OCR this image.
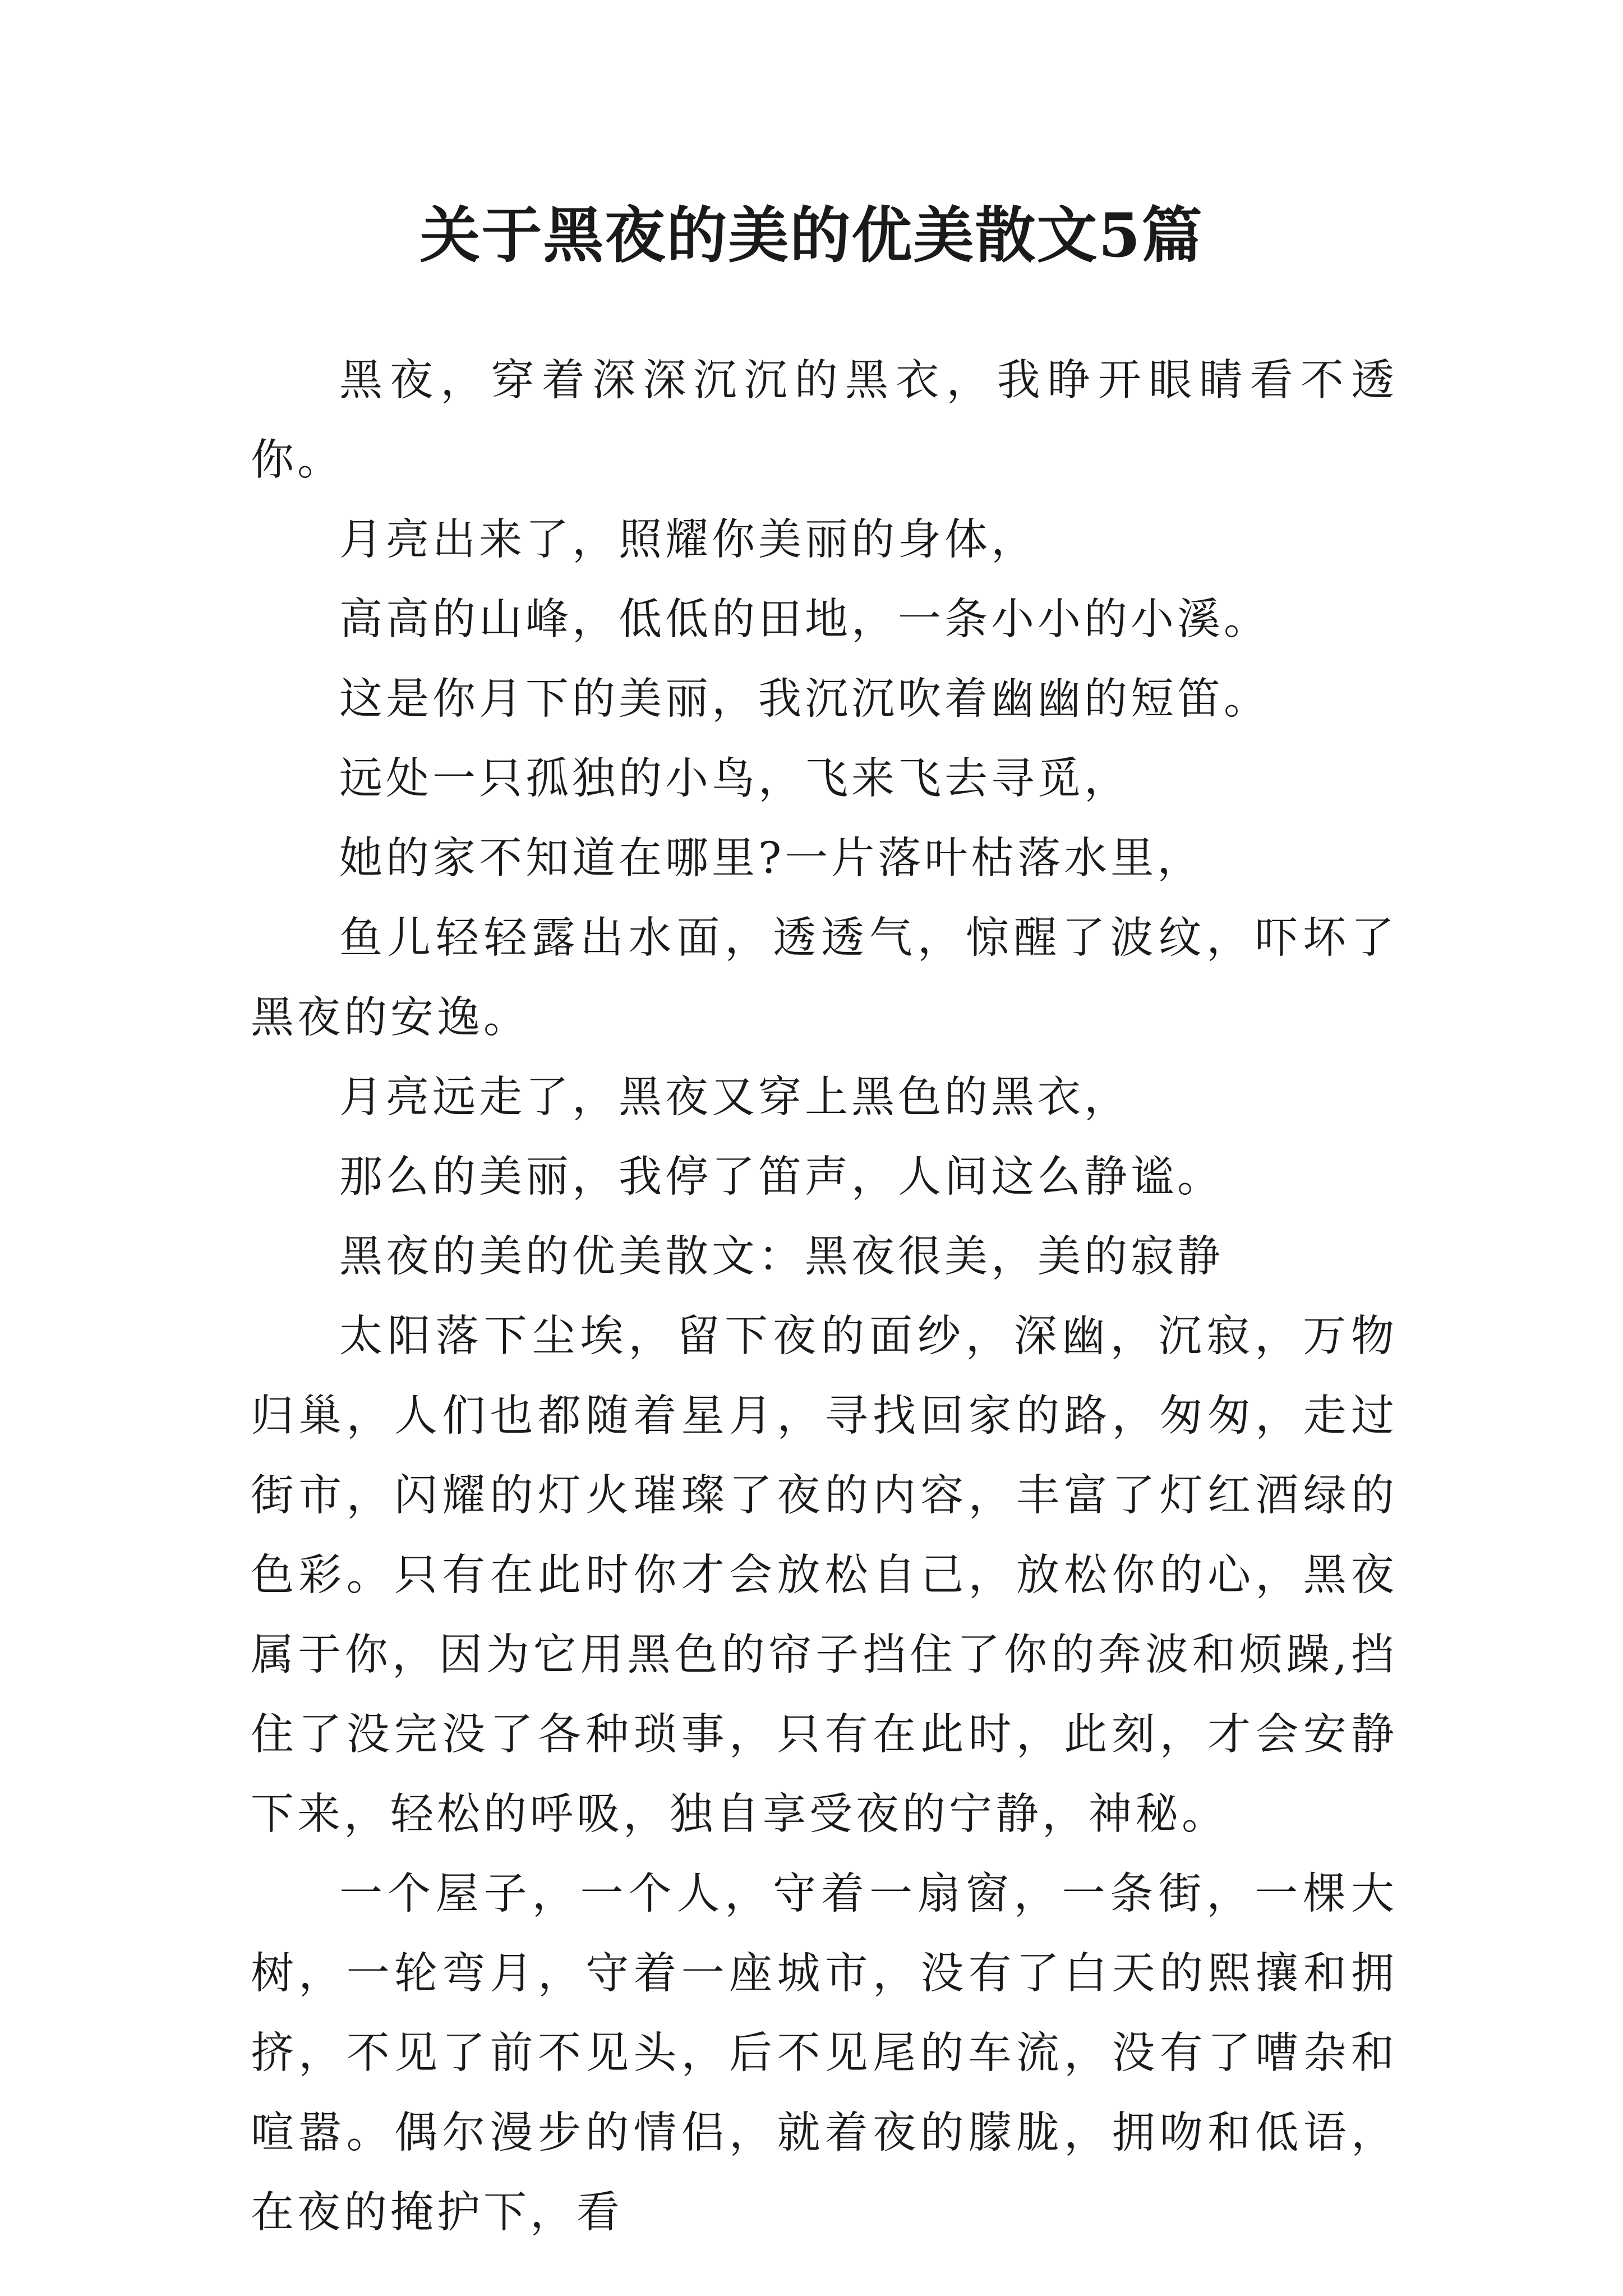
关于黑夜的美的优美散文5篇

黑夜，穿着深深沉沉的黑衣，我睁开眼睛看不透你。

月亮出来了，照耀你美丽的身体，

高高的山峰，低低的田地，一条小小的小溪。

这是你月下的美丽，我沉沉吹着幽幽的短笛。

远处一只孤独的小鸟，飞来飞去寻觅，

她的家不知道在哪里?一片落叶枯落水里，

鱼儿轻轻露出水面，透透气，惊醒了波纹，吓坏了黑夜的安逸。

月亮远走了，黑夜又穿上黑色的黑衣，

那么的美丽，我停了笛声，人间这么静谧。

黑夜的美的优美散文：黑夜很美，美的寂静

太阳落下尘埃，留下夜的面纱，深幽，沉寂，万物归巢，人们也都随着星月，寻找回家的路，匆匆，走过街市，闪耀的灯火璀璨了夜的内容，丰富了灯红酒绿的色彩。只有在此时你才会放松自己，放松你的心，黑夜属于你，因为它用黑色的帘子挡住了你的奔波和烦躁,挡住了没完没了各种琐事，只有在此时，此刻，才会安静下来，轻松的呼吸，独自享受夜的宁静，神秘。

一个屋子，一个人，守着一扇窗，一条街，一棵大树，一轮弯月，守着一座城市，没有了白天的熙攘和拥挤，不见了前不见头，后不见尾的车流，没有了嘈杂和喧嚣。偶尔漫步的情侣，就着夜的朦胧，拥吻和低语，在夜的掩护下，看
